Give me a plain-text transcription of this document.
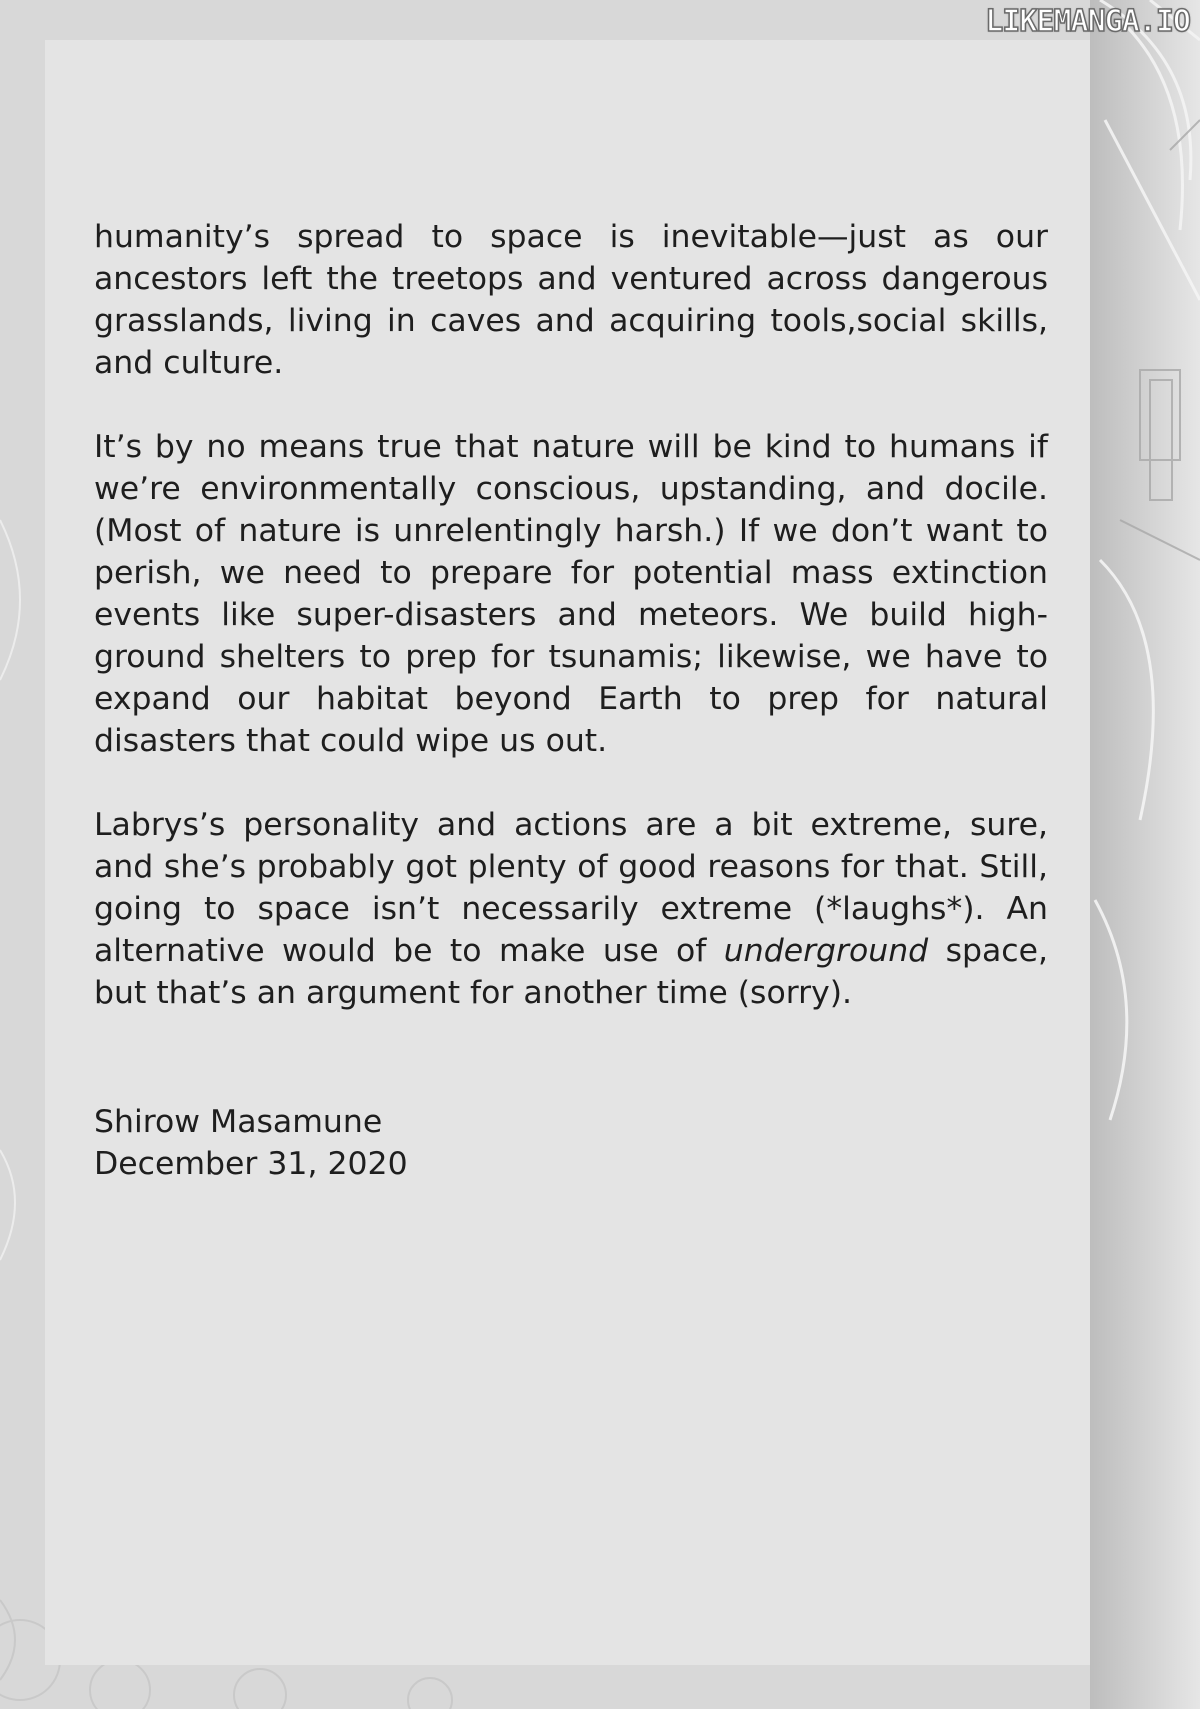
LIKEMANGA.IO

humanity’s spread to space is inevitable—just as our ancestors left the treetops and ventured across dangerous grasslands, living in caves and acquiring tools,social skills, and culture.

It’s by no means true that nature will be kind to humans if we’re environmentally conscious, upstanding, and docile. (Most of nature is unrelentingly harsh.) If we don’t want to perish, we need to prepare for potential mass extinction events like super-disasters and meteors. We build high-ground shelters to prep for tsunamis; likewise, we have to expand our habitat beyond Earth to prep for natural disasters that could wipe us out.

Labrys’s personality and actions are a bit extreme, sure, and she’s probably got plenty of good reasons for that. Still, going to space isn’t necessarily extreme (*laughs*). An alternative would be to make use of underground space, but that’s an argument for another time (sorry).

Shirow Masamune
December 31, 2020
